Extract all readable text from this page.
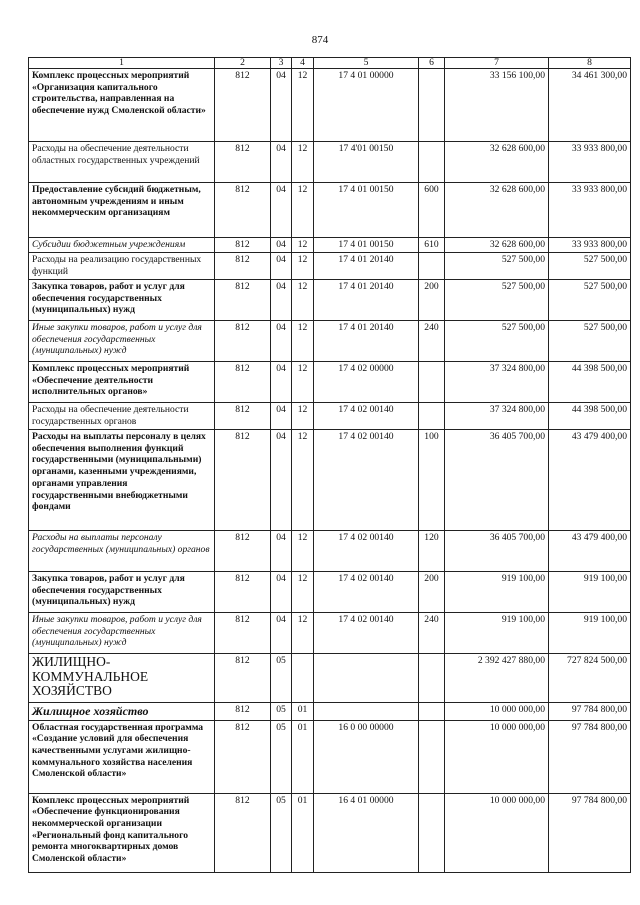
874
1	2	3	4	5	6	7	8
Комплекс процессных мероприятий «Организация капитального строительства, направленная на обеспечение нужд Смоленской области»	812	04	12	17 4 01 00000		33 156 100,00	34 461 300,00
Расходы на обеспечение деятельности областных государственных учреждений	812	04	12	17 4'01 00150		32 628 600,00	33 933 800,00
Предоставление субсидий бюджетным, автономным учреждениям и иным некоммерческим организациям	812	04	12	17 4 01 00150	600	32 628 600,00	33 933 800,00
Субсидии бюджетным учреждениям	812	04	12	17 4 01 00150	610	32 628 600,00	33 933 800,00
Расходы на реализацию государственных функций	812	04	12	17 4 01 20140		527 500,00	527 500,00
Закупка товаров, работ и услуг для обеспечения государственных (муниципальных) нужд	812	04	12	17 4 01 20140	200	527 500,00	527 500,00
Иные закупки товаров, работ и услуг для обеспечения государственных (муниципальных) нужд	812	04	12	17 4 01 20140	240	527 500,00	527 500,00
Комплекс процессных мероприятий «Обеспечение деятельности исполнительных органов»	812	04	12	17 4 02 00000		37 324 800,00	44 398 500,00
Расходы на обеспечение деятельности государственных органов	812	04	12	17 4 02 00140		37 324 800,00	44 398 500,00
Расходы на выплаты персоналу в целях обеспечения выполнения функций государственными (муниципальными) органами, казенными учреждениями, органами управления государственными внебюджетными фондами	812	04	12	17 4 02 00140	100	36 405 700,00	43 479 400,00
Расходы на выплаты персоналу государственных (муниципальных) органов	812	04	12	17 4 02 00140	120	36 405 700,00	43 479 400,00
Закупка товаров, работ и услуг для обеспечения государственных (муниципальных) нужд	812	04	12	17 4 02 00140	200	919 100,00	919 100,00
Иные закупки товаров, работ и услуг для обеспечения государственных (муниципальных) нужд	812	04	12	17 4 02 00140	240	919 100,00	919 100,00
ЖИЛИЩНО-КОММУНАЛЬНОЕ ХОЗЯЙСТВО	812	05				2 392 427 880,00	727 824 500,00
Жилищное хозяйство	812	05	01			10 000 000,00	97 784 800,00
Областная государственная программа «Создание условий для обеспечения качественными услугами жилищно-коммунального хозяйства населения Смоленской области»	812	05	01	16 0 00 00000		10 000 000,00	97 784 800,00
Комплекс процессных мероприятий «Обеспечение функционирования некоммерческой организации «Региональный фонд капитального ремонта многоквартирных домов Смоленской области»	812	05	01	16 4 01 00000		10 000 000,00	97 784 800,00
